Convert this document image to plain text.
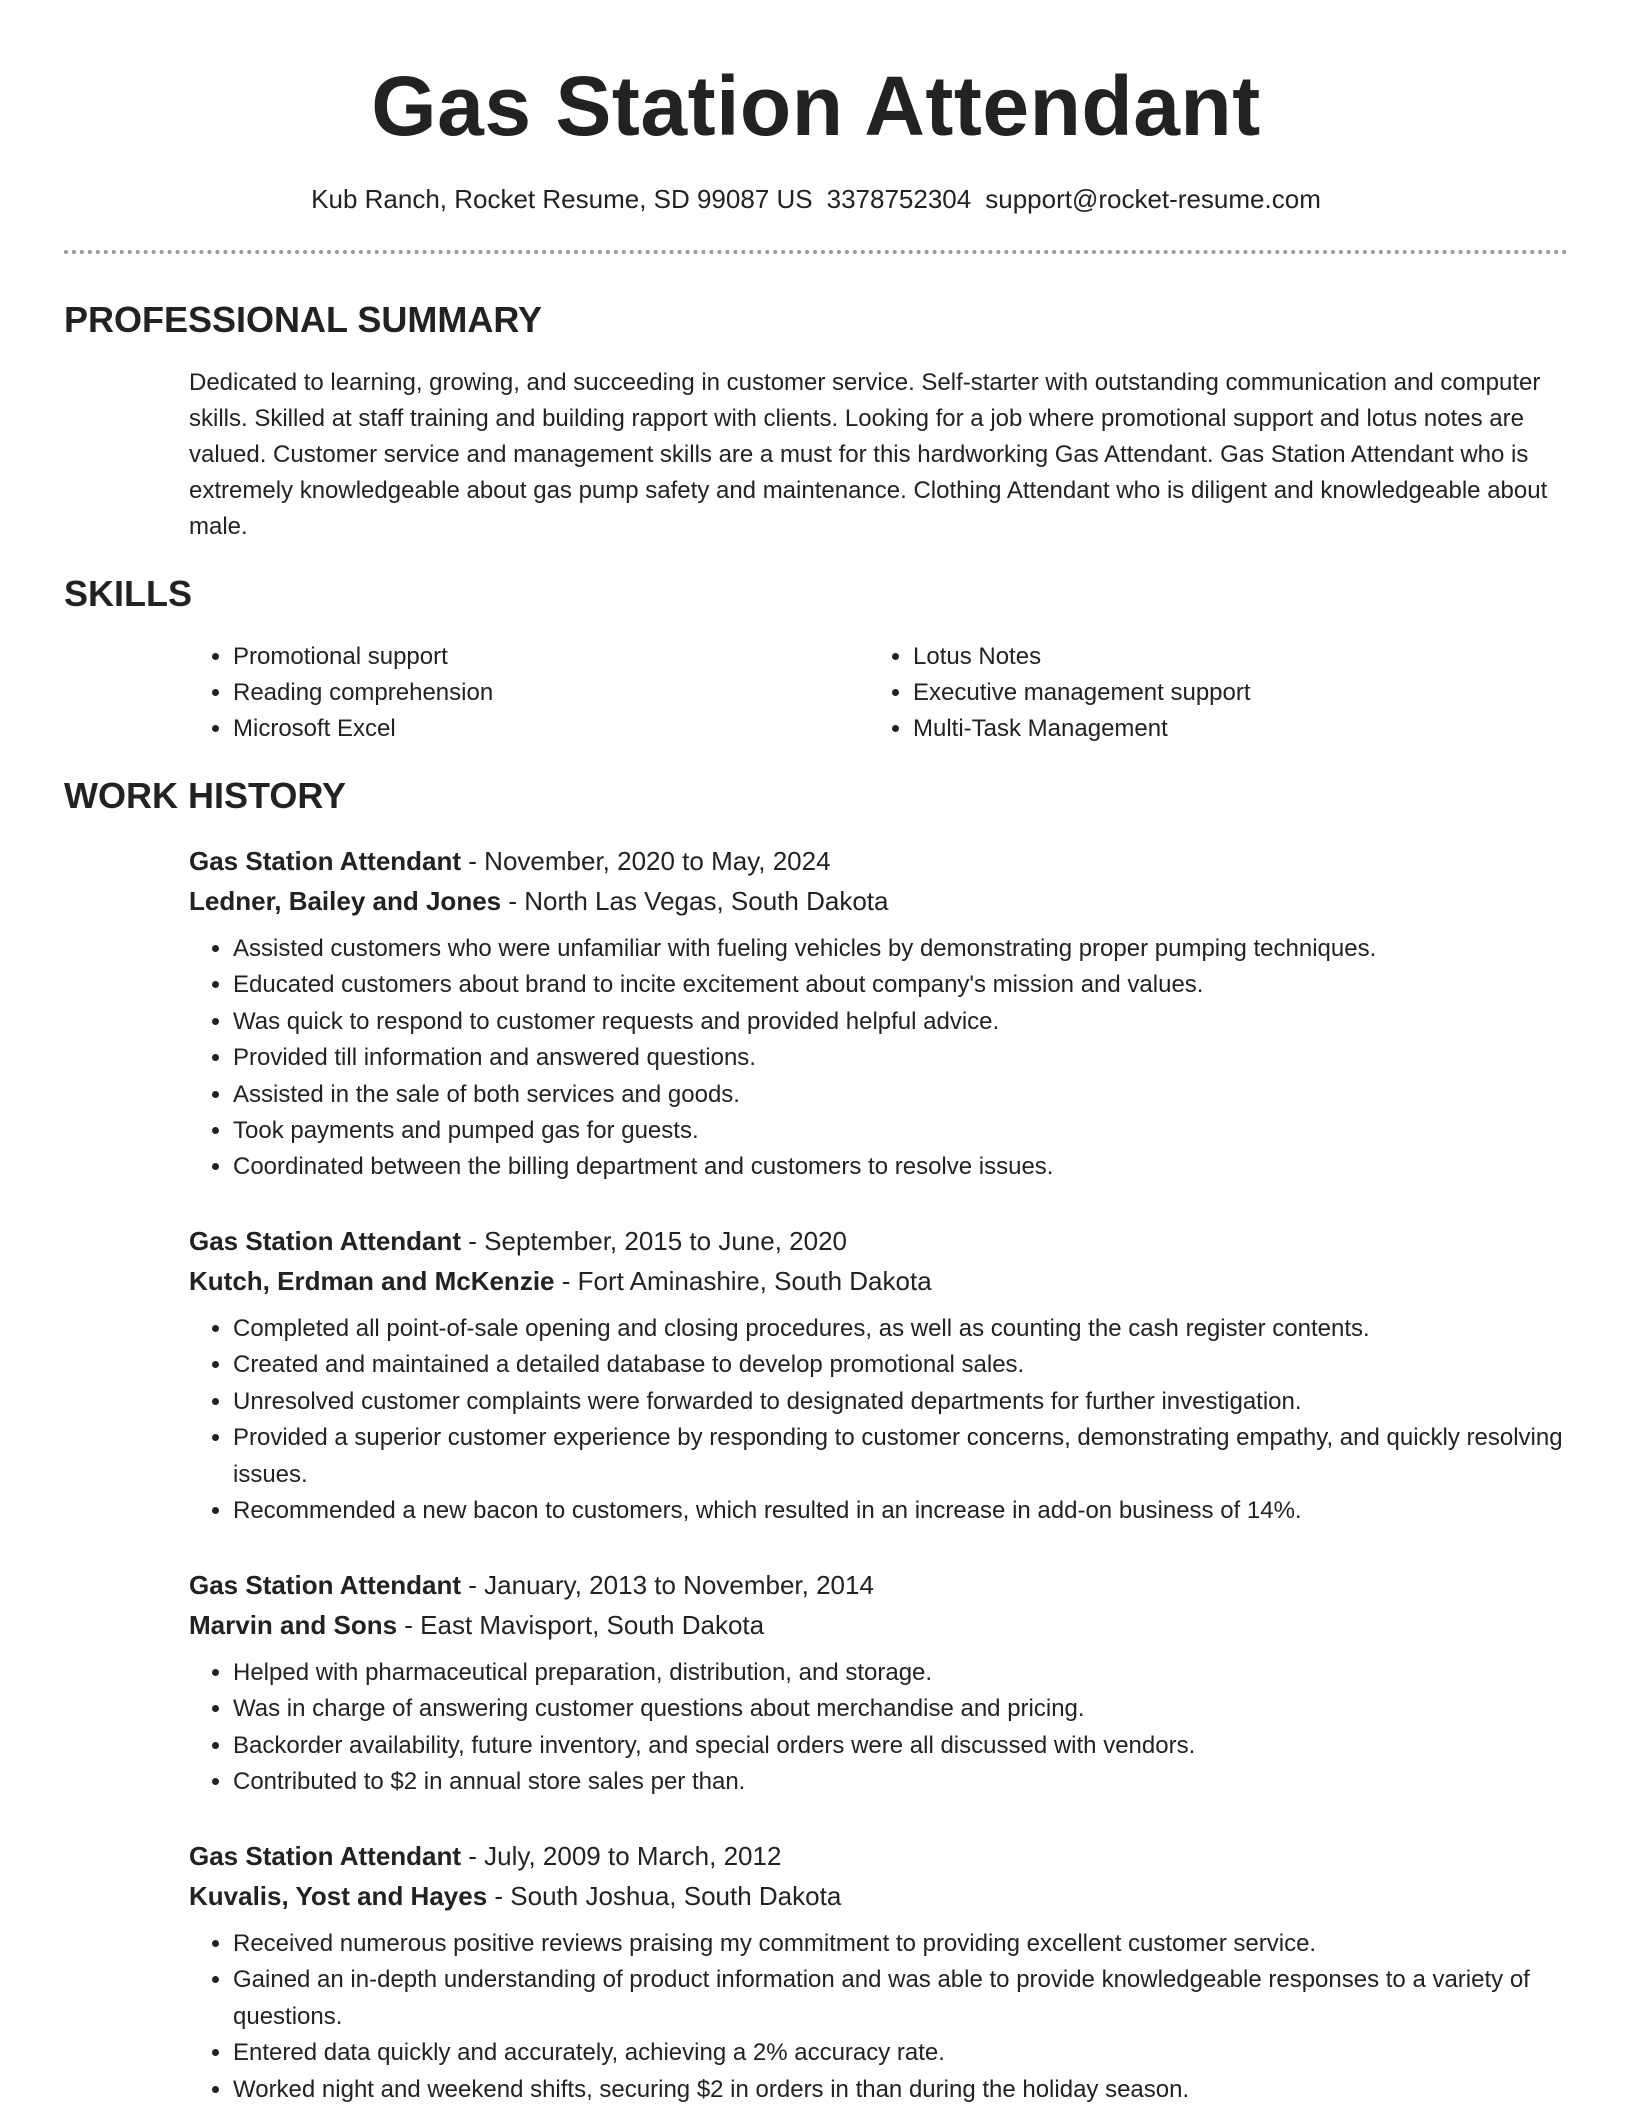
Gas Station Attendant
Kub Ranch, Rocket Resume, SD 99087 US 3378752304 support@rocket-resume.com
PROFESSIONAL SUMMARY

Dedicated to learning, growing, and succeeding in customer service. Self-starter with outstanding communication and computer skills. Skilled at staff training and building rapport with clients. Looking for a job where promotional support and lotus notes are valued. Customer service and management skills are a must for this hardworking Gas Attendant. Gas Station Attendant who is extremely knowledgeable about gas pump safety and maintenance. Clothing Attendant who is diligent and knowledgeable about male.

SKILLS
• Promotional support
• Reading comprehension
• Microsoft Excel
• Lotus Notes
• Executive management support
• Multi-Task Management
WORK HISTORY
Gas Station Attendant - November, 2020 to May, 2024
Ledner, Bailey and Jones - North Las Vegas, South Dakota
• Assisted customers who were unfamiliar with fueling vehicles by demonstrating proper pumping techniques.
• Educated customers about brand to incite excitement about company's mission and values.
• Was quick to respond to customer requests and provided helpful advice.
• Provided till information and answered questions.
• Assisted in the sale of both services and goods.
• Took payments and pumped gas for guests.
• Coordinated between the billing department and customers to resolve issues.
Gas Station Attendant - September, 2015 to June, 2020
Kutch, Erdman and McKenzie - Fort Aminashire, South Dakota
• Completed all point-of-sale opening and closing procedures, as well as counting the cash register contents.
• Created and maintained a detailed database to develop promotional sales.
• Unresolved customer complaints were forwarded to designated departments for further investigation.
• Provided a superior customer experience by responding to customer concerns, demonstrating empathy, and quickly resolving issues.
• Recommended a new bacon to customers, which resulted in an increase in add-on business of 14%.
Gas Station Attendant - January, 2013 to November, 2014
Marvin and Sons - East Mavisport, South Dakota
• Helped with pharmaceutical preparation, distribution, and storage.
• Was in charge of answering customer questions about merchandise and pricing.
• Backorder availability, future inventory, and special orders were all discussed with vendors.
• Contributed to $2 in annual store sales per than.
Gas Station Attendant - July, 2009 to March, 2012
Kuvalis, Yost and Hayes - South Joshua, South Dakota
• Received numerous positive reviews praising my commitment to providing excellent customer service.
• Gained an in-depth understanding of product information and was able to provide knowledgeable responses to a variety of questions.
• Entered data quickly and accurately, achieving a 2% accuracy rate.
• Worked night and weekend shifts, securing $2 in orders in than during the holiday season.
